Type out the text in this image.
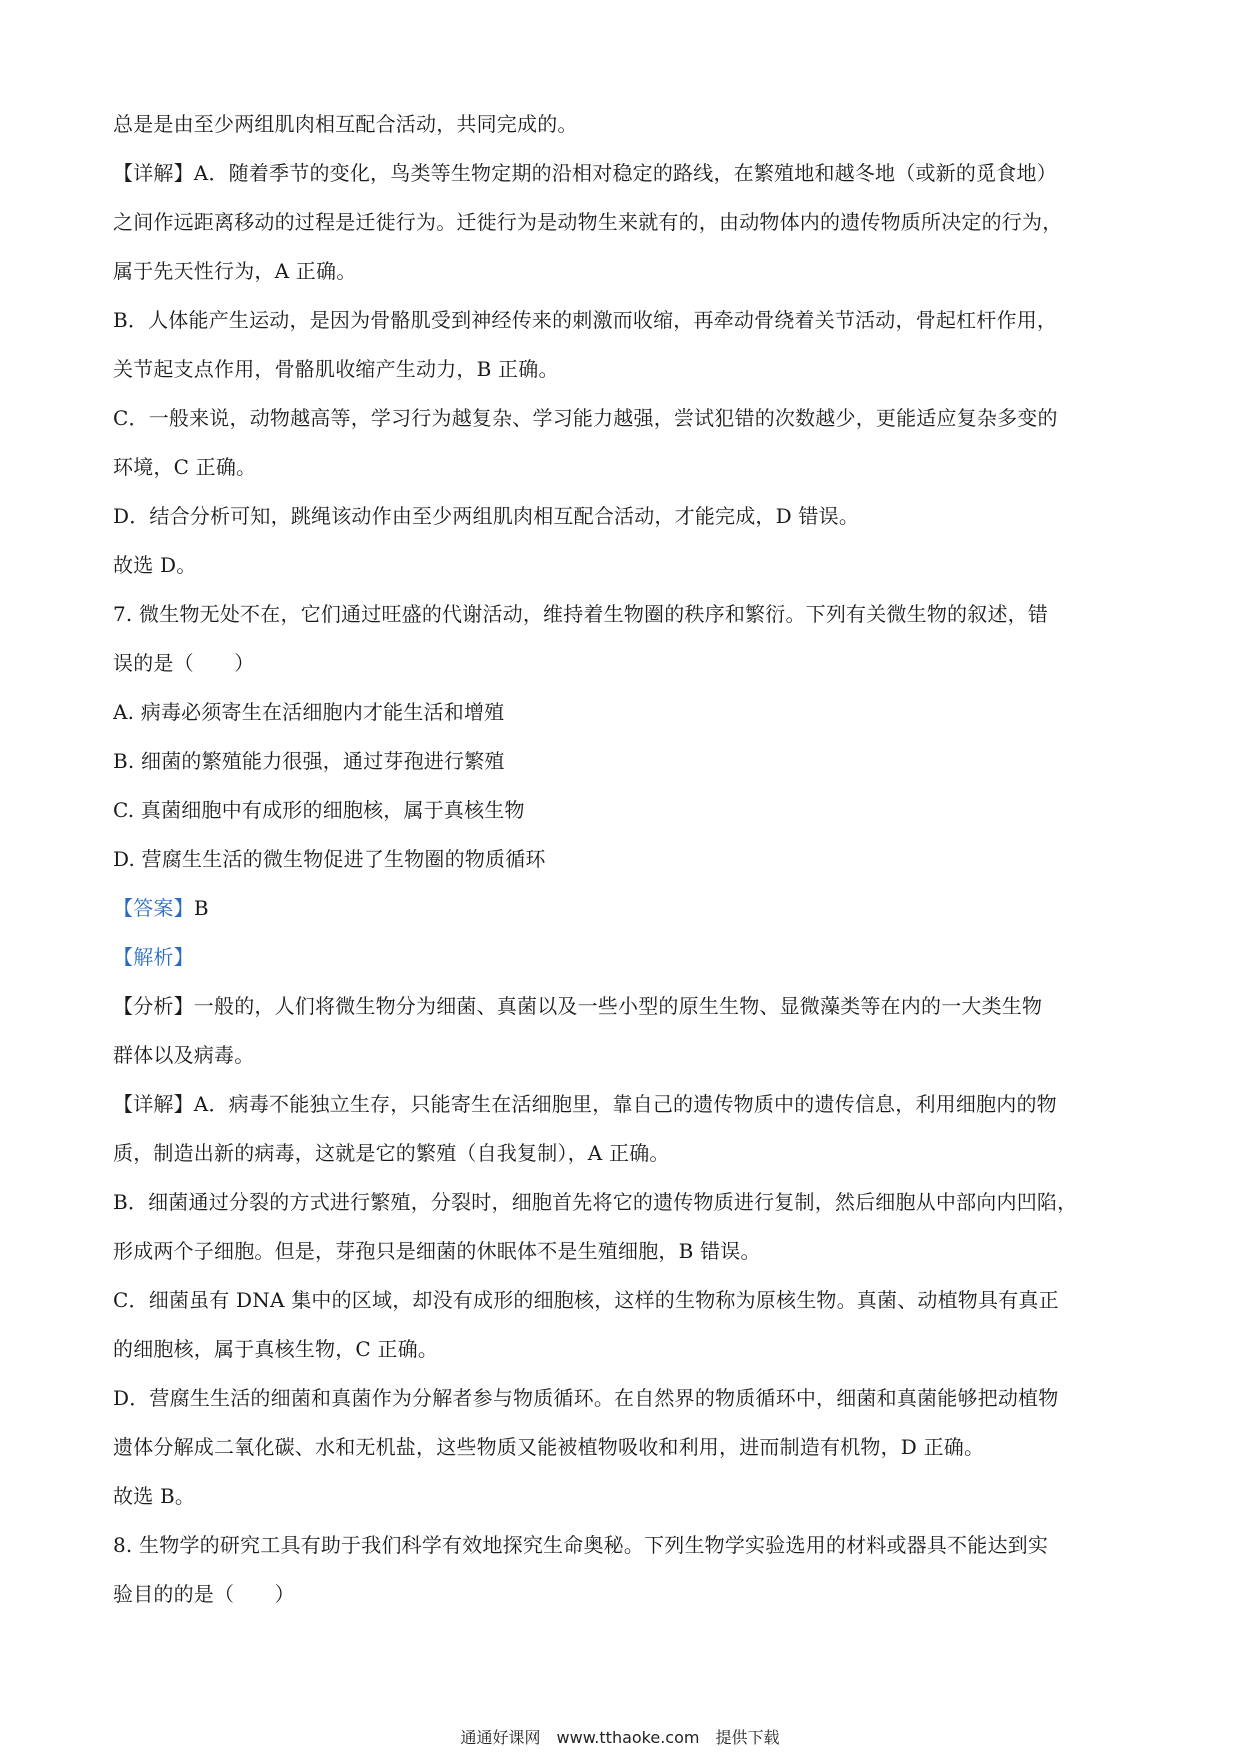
总是是由至少两组肌肉相互配合活动，共同完成的。
【详解】A．随着季节的变化，鸟类等生物定期的沿相对稳定的路线，在繁殖地和越冬地（或新的觅食地）
之间作远距离移动的过程是迁徙行为。迁徙行为是动物生来就有的，由动物体内的遗传物质所决定的行为，
属于先天性行为，A 正确。
B．人体能产生运动，是因为骨骼肌受到神经传来的刺激而收缩，再牵动骨绕着关节活动，骨起杠杆作用，
关节起支点作用，骨骼肌收缩产生动力，B 正确。
C．一般来说，动物越高等，学习行为越复杂、学习能力越强，尝试犯错的次数越少，更能适应复杂多变的
环境，C 正确。
D．结合分析可知，跳绳该动作由至少两组肌肉相互配合活动，才能完成，D 错误。
故选 D。
7. 微生物无处不在，它们通过旺盛的代谢活动，维持着生物圈的秩序和繁衍。下列有关微生物的叙述，错
误的是（　　）
A. 病毒必须寄生在活细胞内才能生活和增殖
B. 细菌的繁殖能力很强，通过芽孢进行繁殖
C. 真菌细胞中有成形的细胞核，属于真核生物
D. 营腐生生活的微生物促进了生物圈的物质循环
【答案】B
【解析】
【分析】一般的，人们将微生物分为细菌、真菌以及一些小型的原生生物、显微藻类等在内的一大类生物
群体以及病毒。
【详解】A．病毒不能独立生存，只能寄生在活细胞里，靠自己的遗传物质中的遗传信息，利用细胞内的物
质，制造出新的病毒，这就是它的繁殖（自我复制），A 正确。
B．细菌通过分裂的方式进行繁殖，分裂时，细胞首先将它的遗传物质进行复制，然后细胞从中部向内凹陷，
形成两个子细胞。但是，芽孢只是细菌的休眠体不是生殖细胞，B 错误。
C．细菌虽有 DNA 集中的区域，却没有成形的细胞核，这样的生物称为原核生物。真菌、动植物具有真正
的细胞核，属于真核生物，C 正确。
D．营腐生生活的细菌和真菌作为分解者参与物质循环。在自然界的物质循环中，细菌和真菌能够把动植物
遗体分解成二氧化碳、水和无机盐，这些物质又能被植物吸收和利用，进而制造有机物，D 正确。
故选 B。
8. 生物学的研究工具有助于我们科学有效地探究生命奥秘。下列生物学实验选用的材料或器具不能达到实
验目的的是（　　）
通通好课网　www.tthaoke.com　提供下载
